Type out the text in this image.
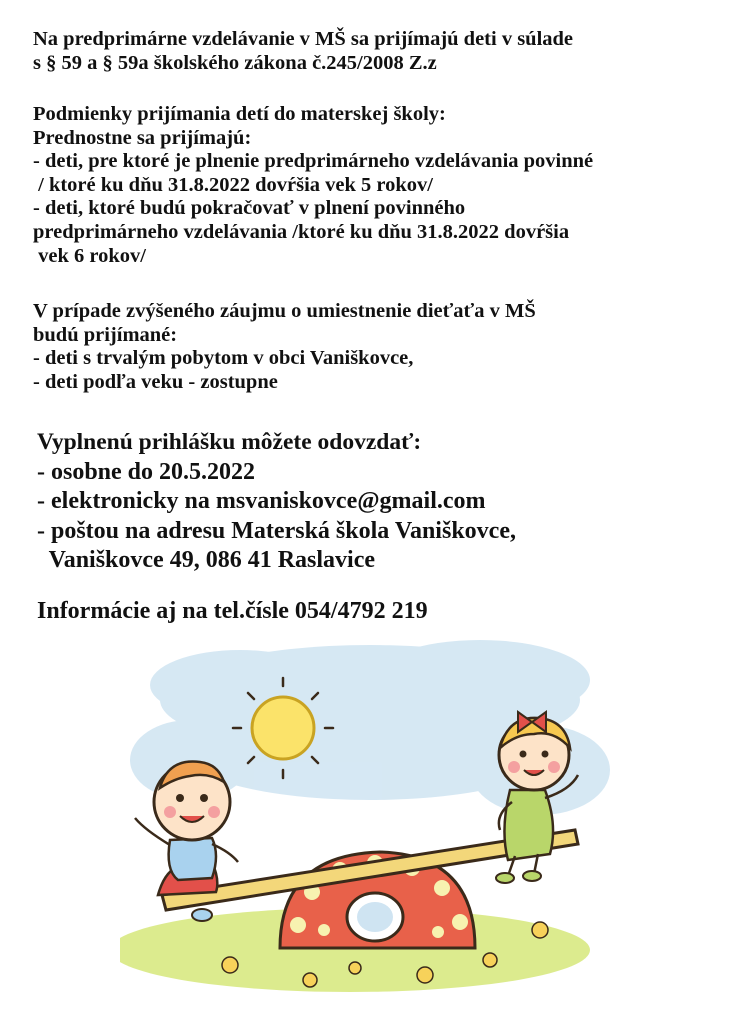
Na predprimárne vzdelávanie v MŠ sa prijímajú deti v súlade
s § 59 a § 59a školského zákona č.245/2008 Z.z
Podmienky prijímania detí do materskej školy:
Prednostne sa prijímajú:
- deti, pre ktoré je plnenie predprimárneho vzdelávania povinné
/ ktoré ku dňu 31.8.2022 dovŕšia vek 5 rokov/
- deti, ktoré budú pokračovať v plnení povinného
predprimárneho vzdelávania /ktoré ku dňu 31.8.2022 dovŕšia
vek 6 rokov/
V prípade zvýšeného záujmu o umiestnenie dieťaťa v MŠ
budú prijímané:
- deti s trvalým pobytom v obci Vaniškovce,
- deti podľa veku - zostupne
Vyplnenú prihlášku môžete odovzdať:
- osobne do 20.5.2022
- elektronicky na msvaniskovce@gmail.com
- poštou na adresu Materská škola Vaniškovce,
Vaniškovce 49, 086 41 Raslavice
Informácie aj na tel.čísle 054/4792 219
